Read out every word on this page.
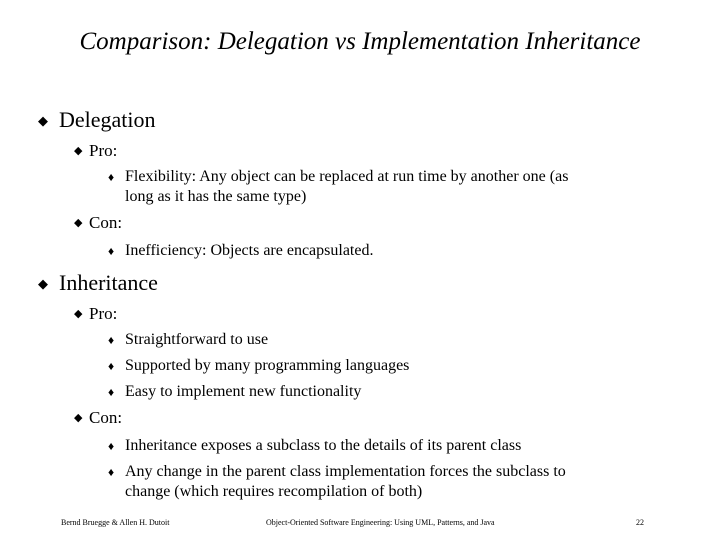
Comparison: Delegation vs Implementation Inheritance
◆ Delegation
◆ Pro:
♦ Flexibility: Any object can be replaced at run time by another one (as
long as it has the same type)
◆ Con:
♦ Inefficiency: Objects are encapsulated.
◆ Inheritance
◆ Pro:
♦ Straightforward to use
♦ Supported by many programming languages
♦ Easy to implement new functionality
◆ Con:
♦ Inheritance exposes a subclass to the details of its parent class
♦ Any change in the parent class implementation forces the subclass to
change (which requires recompilation of both)
Bernd Bruegge & Allen H. Dutoit	Object-Oriented Software Engineering: Using UML, Patterns, and Java	22
